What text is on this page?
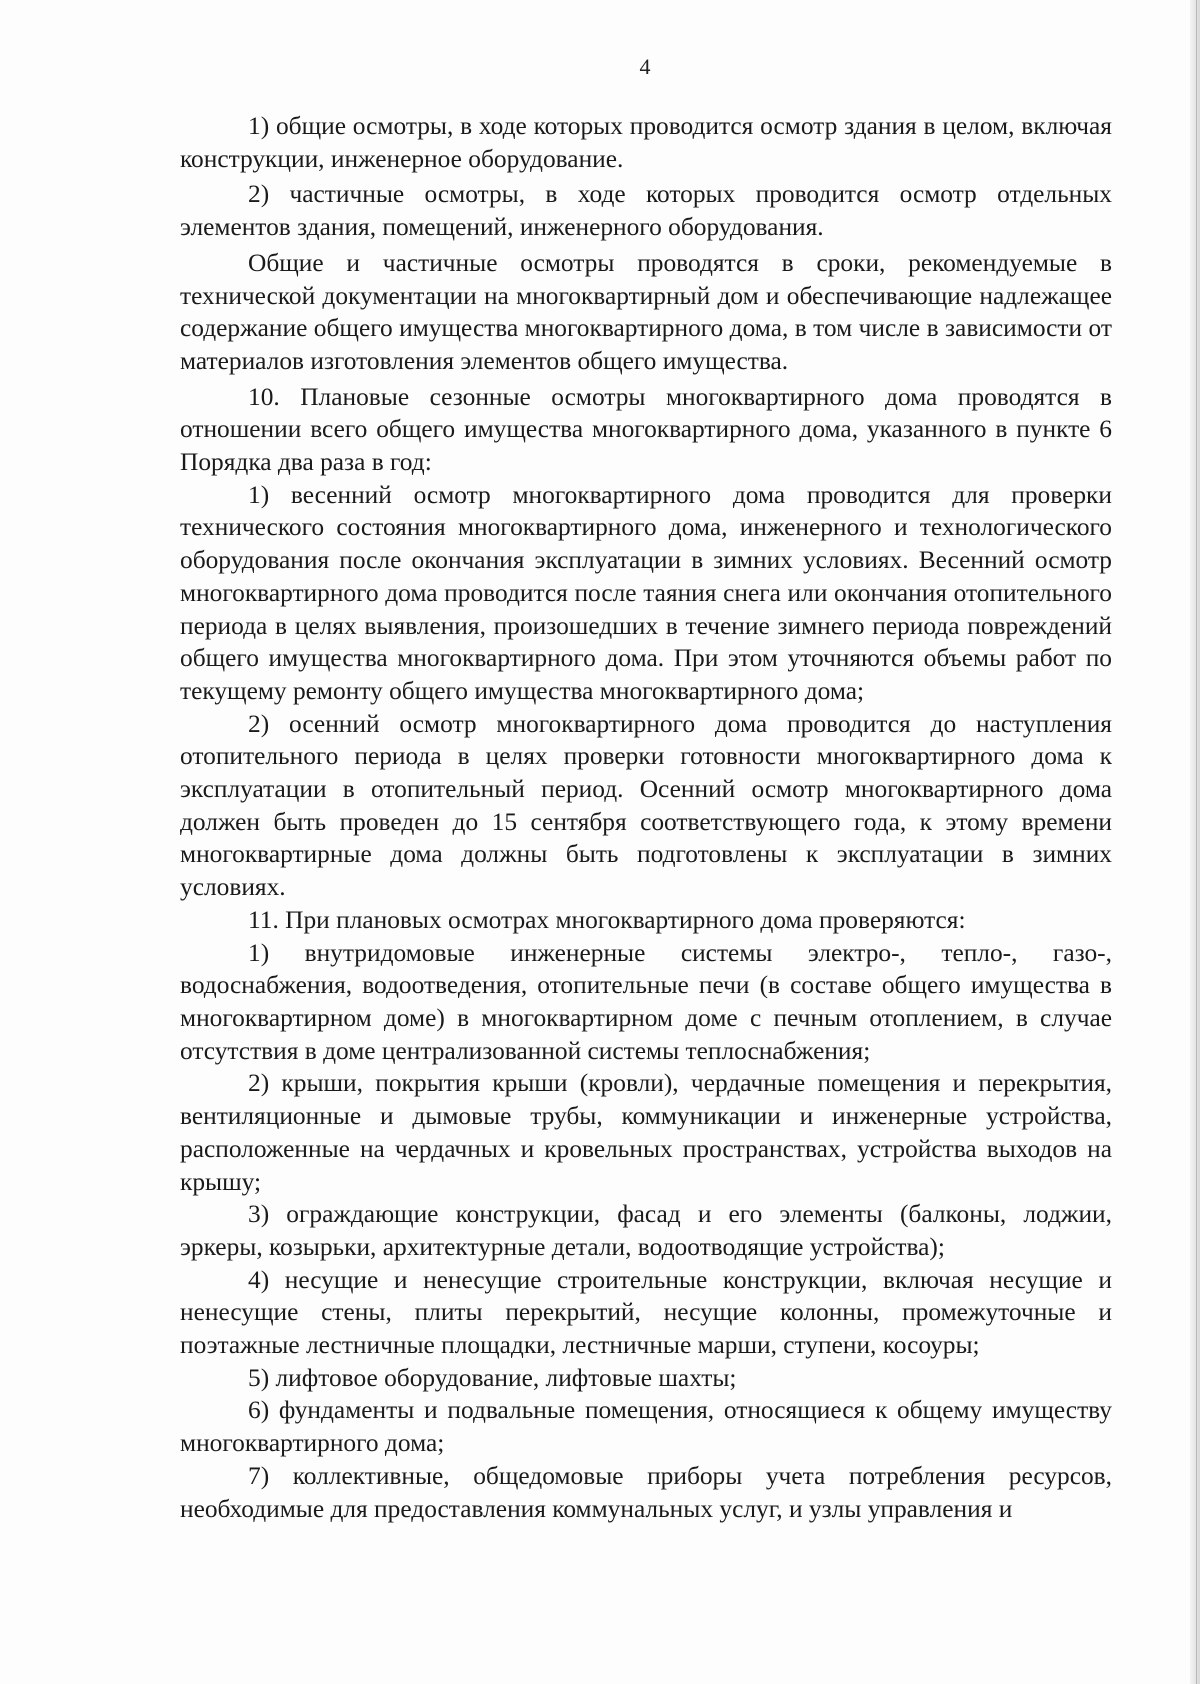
4

1) общие осмотры, в ходе которых проводится осмотр здания в целом, включая конструкции, инженерное оборудование.

2) частичные осмотры, в ходе которых проводится осмотр отдельных элементов здания, помещений, инженерного оборудования.

Общие и частичные осмотры проводятся в сроки, рекомендуемые в технической документации на многоквартирный дом и обеспечивающие надлежащее содержание общего имущества многоквартирного дома, в том числе в зависимости от материалов изготовления элементов общего имущества.

10. Плановые сезонные осмотры многоквартирного дома проводятся в отношении всего общего имущества многоквартирного дома, указанного в пункте 6 Порядка два раза в год:

1) весенний осмотр многоквартирного дома проводится для проверки технического состояния многоквартирного дома, инженерного и технологического оборудования после окончания эксплуатации в зимних условиях. Весенний осмотр многоквартирного дома проводится после таяния снега или окончания отопительного периода в целях выявления, произошедших в течение зимнего периода повреждений общего имущества многоквартирного дома. При этом уточняются объемы работ по текущему ремонту общего имущества многоквартирного дома;

2) осенний осмотр многоквартирного дома проводится до наступления отопительного периода в целях проверки готовности многоквартирного дома к эксплуатации в отопительный период. Осенний осмотр многоквартирного дома должен быть проведен до 15 сентября соответствующего года, к этому времени многоквартирные дома должны быть подготовлены к эксплуатации в зимних условиях.

11. При плановых осмотрах многоквартирного дома проверяются:

1) внутридомовые инженерные системы электро-, тепло-, газо-, водоснабжения, водоотведения, отопительные печи (в составе общего имущества в многоквартирном доме) в многоквартирном доме с печным отоплением, в случае отсутствия в доме централизованной системы теплоснабжения;

2) крыши, покрытия крыши (кровли), чердачные помещения и перекрытия, вентиляционные и дымовые трубы, коммуникации и инженерные устройства, расположенные на чердачных и кровельных пространствах, устройства выходов на крышу;

3) ограждающие конструкции, фасад и его элементы (балконы, лоджии, эркеры, козырьки, архитектурные детали, водоотводящие устройства);

4) несущие и ненесущие строительные конструкции, включая несущие и ненесущие стены, плиты перекрытий, несущие колонны, промежуточные и поэтажные лестничные площадки, лестничные марши, ступени, косоуры;

5) лифтовое оборудование, лифтовые шахты;

6) фундаменты и подвальные помещения, относящиеся к общему имуществу многоквартирного дома;

7) коллективные, общедомовые приборы учета потребления ресурсов, необходимые для предоставления коммунальных услуг, и узлы управления и
